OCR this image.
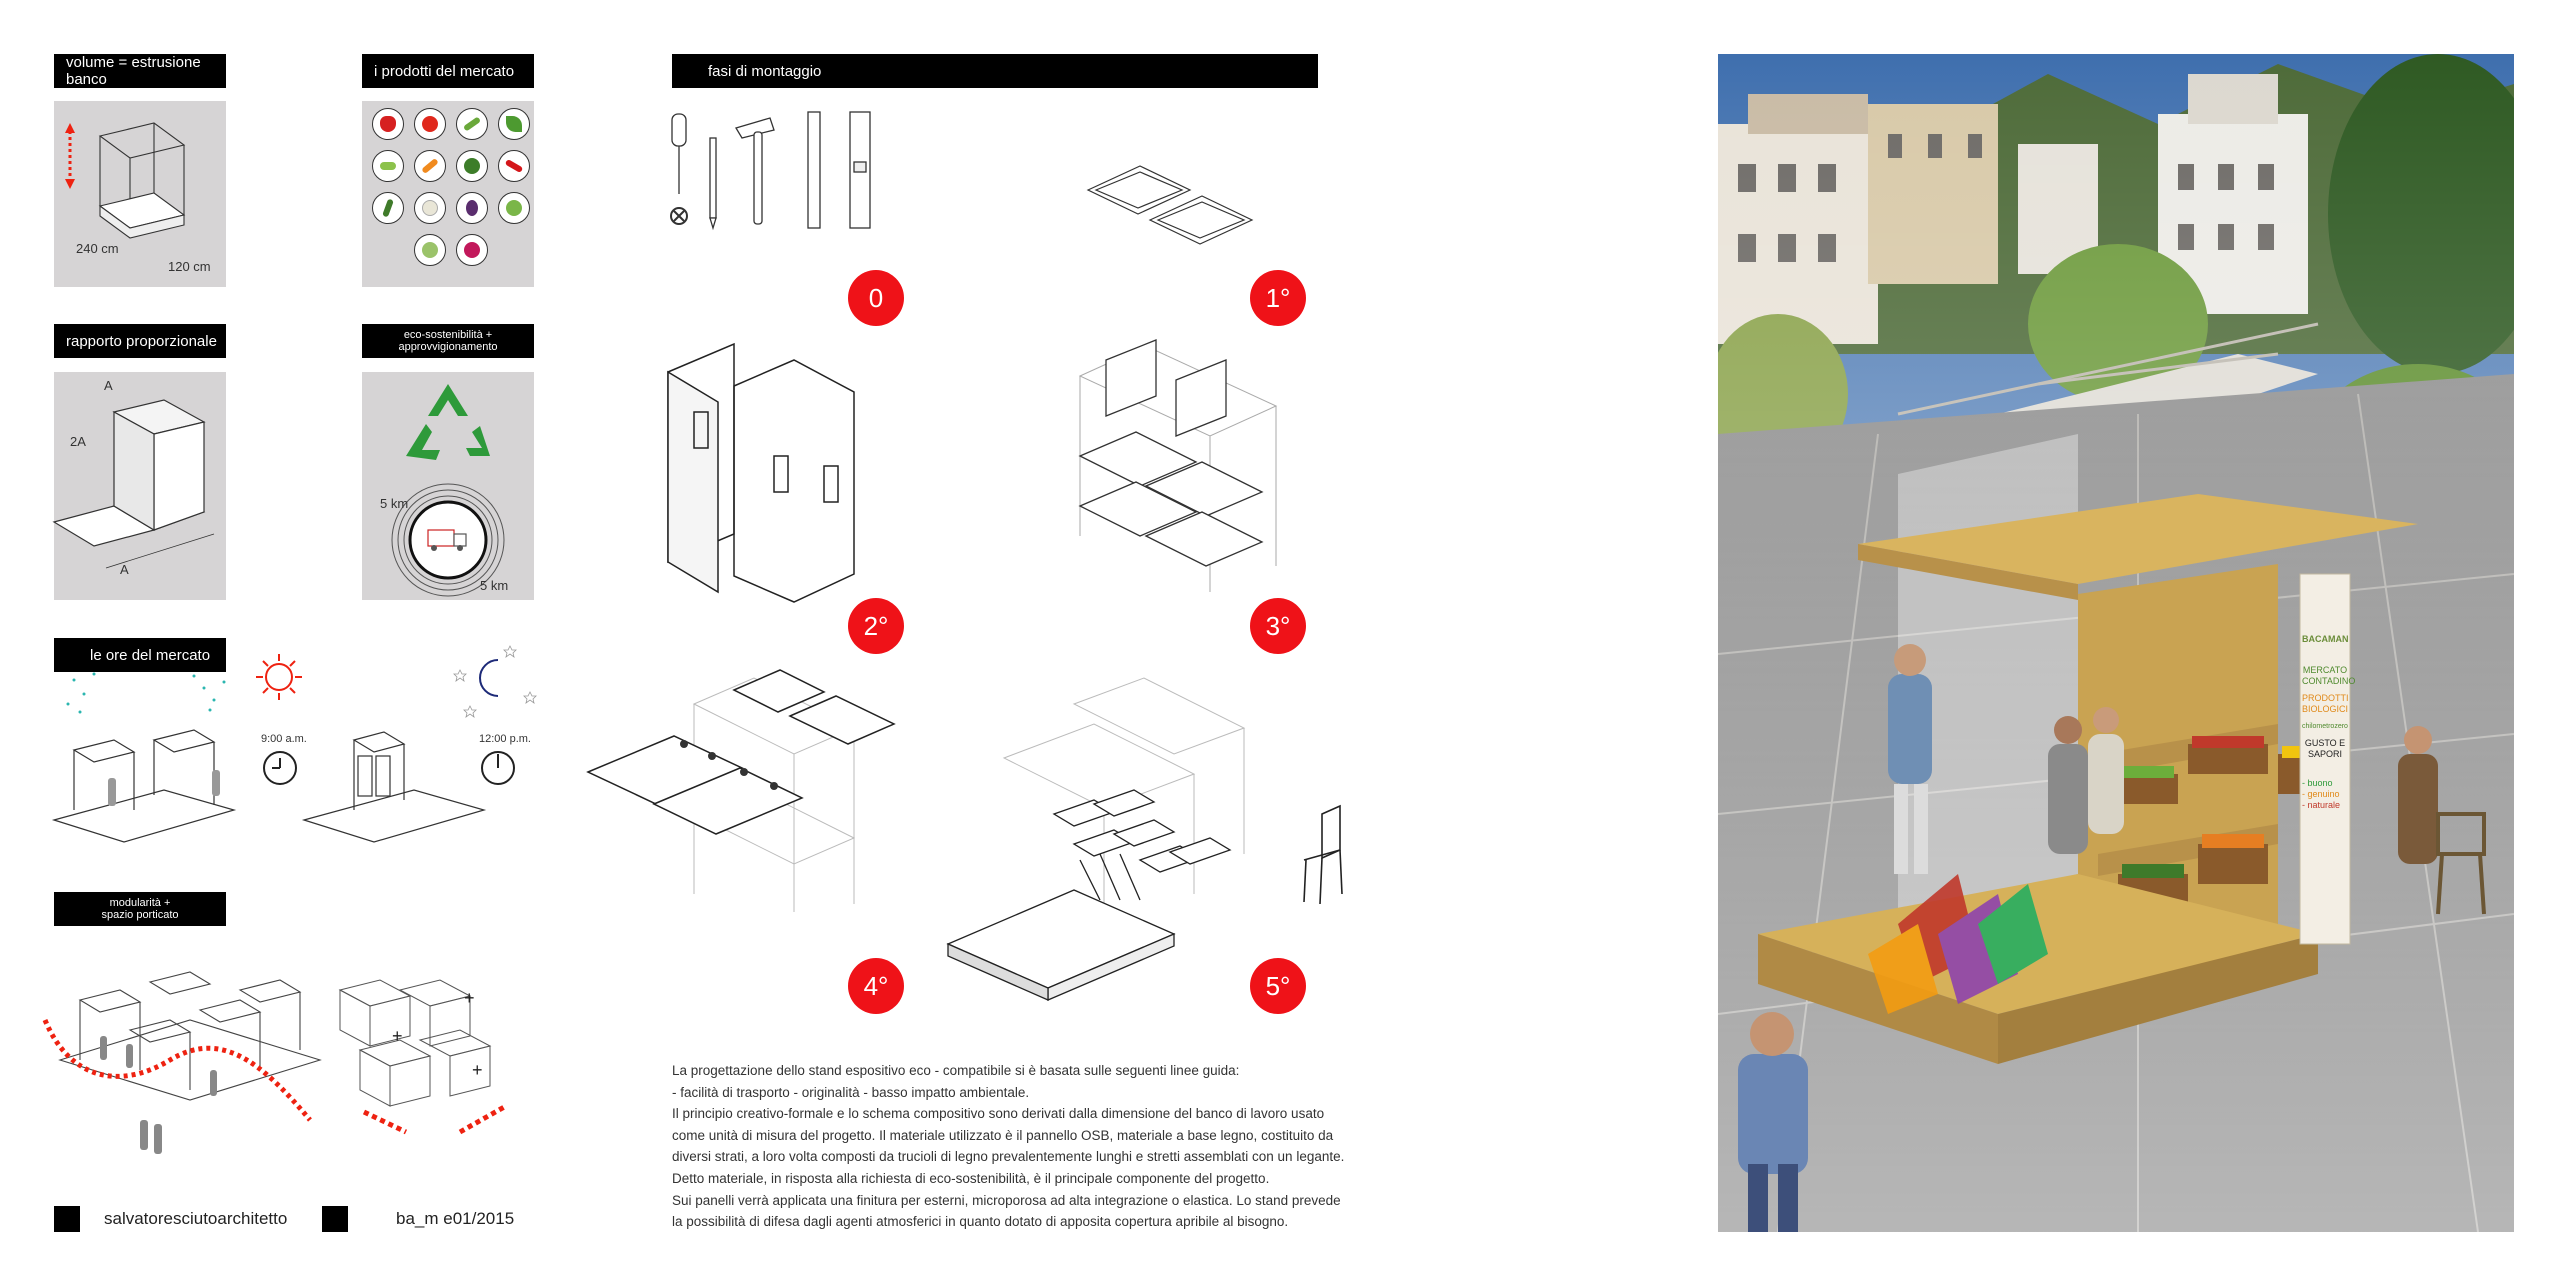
volume = estrusione banco
240 cm
120 cm
i prodotti del mercato
rapporto proporzionale
2A
A
A
eco-sostenibilità +
approvvigionamento
5 km
5 km
le ore del mercato
9:00 a.m.	12:00 p.m.
modularità +
spazio porticato
+
+
+
fasi di montaggio
0	1°
2°	3°
4°	5°

La progettazione dello stand espositivo eco - compatibile si è basata sulle seguenti linee guida:

- facilità di trasporto - originalità - basso impatto ambientale.

Il principio creativo-formale e lo schema compositivo sono derivati dalla dimensione del banco di lavoro usato

come unità di misura del progetto. Il materiale utilizzato è il pannello OSB, materiale a base legno, costituito da

diversi strati, a loro volta composti da trucioli di legno prevalentemente lunghi e stretti assemblati con un legante.

Detto materiale, in risposta alla richiesta di eco-sostenibilità, è il principale componente del progetto.

Sui panelli verrà applicata una finitura per esterni, microporosa ad alta integrazione o elastica. Lo stand prevede

la possibilità di difesa dagli agenti atmosferici in quanto dotato di apposita copertura apribile al bisogno.

salvatoresciutoarchitetto	ba_m e01/2015
BACAMAN
MERCATO
CONTADINO
PRODOTTI
BIOLOGICI
chilometrozero
GUSTO E
SAPORI
- buono
- genuino
- naturale
